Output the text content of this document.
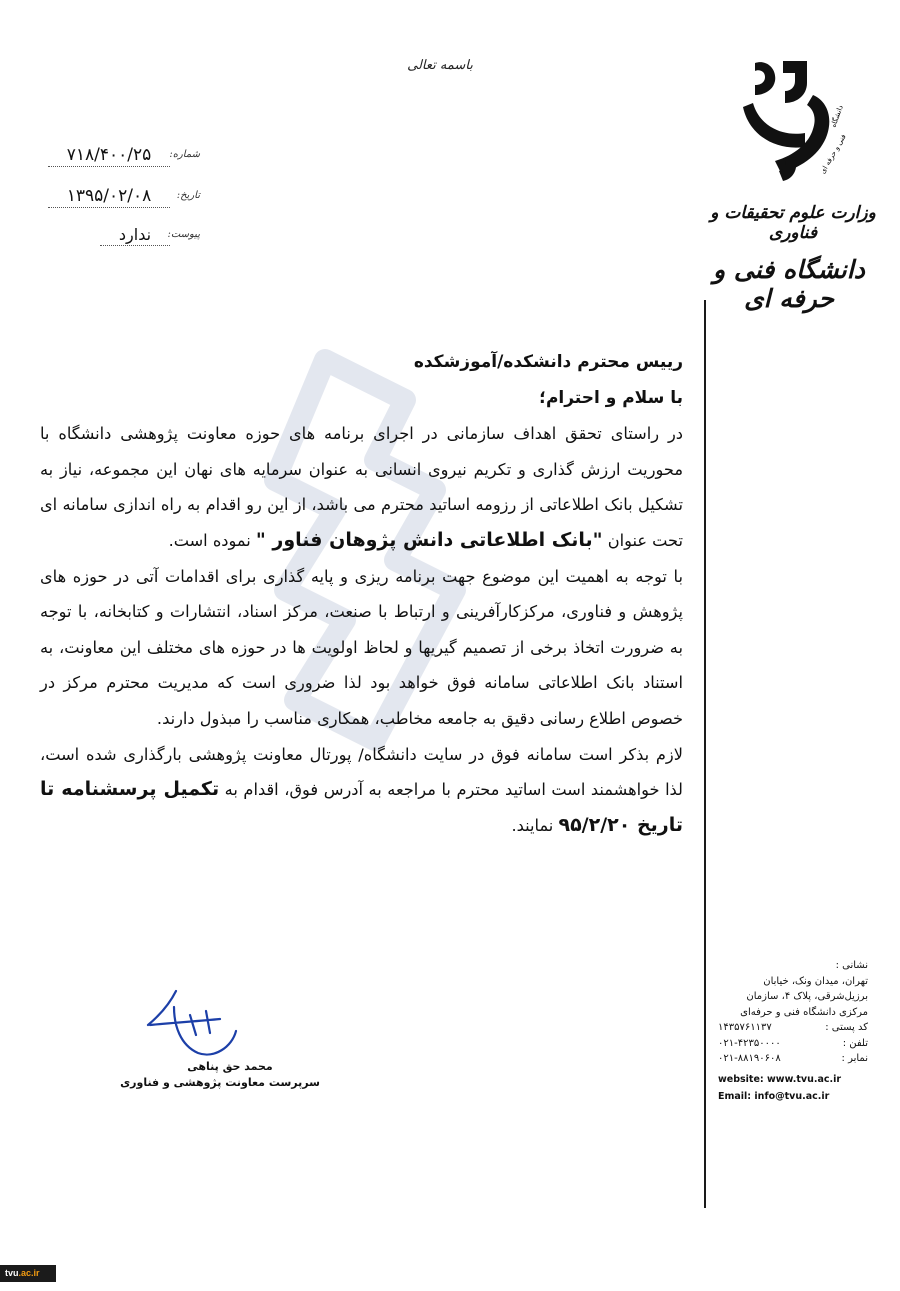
باسمه تعالی
دانشگاه
فنی و حرفه ای
وزارت علوم تحقیقات و فناوری
دانشگاه فنی و حرفه ای
۷۱۸/۴۰۰/۲۵	شماره:
۱۳۹۵/۰۲/۰۸	تاریخ:
ندارد	پیوست:

رییس محترم دانشکده/آموزشکده

با سلام و احترام؛

در راستای تحقق اهداف سازمانی در اجرای برنامه های حوزه معاونت پژوهشی دانشگاه با محوریت ارزش گذاری و تکریم نیروی انسانی به عنوان سرمایه های نهان این مجموعه، نیاز به تشکیل بانک اطلاعاتی از رزومه اساتید محترم می باشد، از این رو اقدام به راه اندازی سامانه ای تحت عنوان "بانک اطلاعاتی دانش پژوهان فناور " نموده است.

با توجه به اهمیت این موضوع جهت برنامه ریزی و پایه گذاری برای اقدامات آتی در حوزه های پژوهش و فناوری، مرکزکارآفرینی و ارتباط با صنعت، مرکز اسناد، انتشارات و کتابخانه، با توجه به ضرورت اتخاذ برخی از تصمیم گیریها و لحاظ اولویت ها در حوزه های مختلف این معاونت، به استناد بانک اطلاعاتی سامانه فوق خواهد بود لذا ضروری است که مدیریت محترم مرکز در خصوص اطلاع رسانی دقیق به جامعه مخاطب، همکاری مناسب را مبذول دارند.

لازم بذکر است سامانه فوق در سایت دانشگاه/ پورتال معاونت پژوهشی بارگذاری شده است، لذا خواهشمند است اساتید محترم با مراجعه به آدرس فوق، اقدام به تکمیل پرسشنامه تا تاریخ ۹۵/۲/۲۰ نمایند.

محمد حق پناهی
سرپرست معاونت پژوهشی و فناوری
نشانی :
تهران، میدان ونک، خیابان
برزیل‌شرقی، پلاک ۴، سازمان
مرکزی دانشگاه فنی و حرفه‌ای
کد پستی :
۱۴۳۵۷۶۱۱۳۷
تلفن :
۰۲۱-۴۲۳۵۰۰۰۰
نمابر :
۰۲۱-۸۸۱۹۰۶۰۸
website: www.tvu.ac.ir
Email: info@tvu.ac.ir
tvu.ac.ir
